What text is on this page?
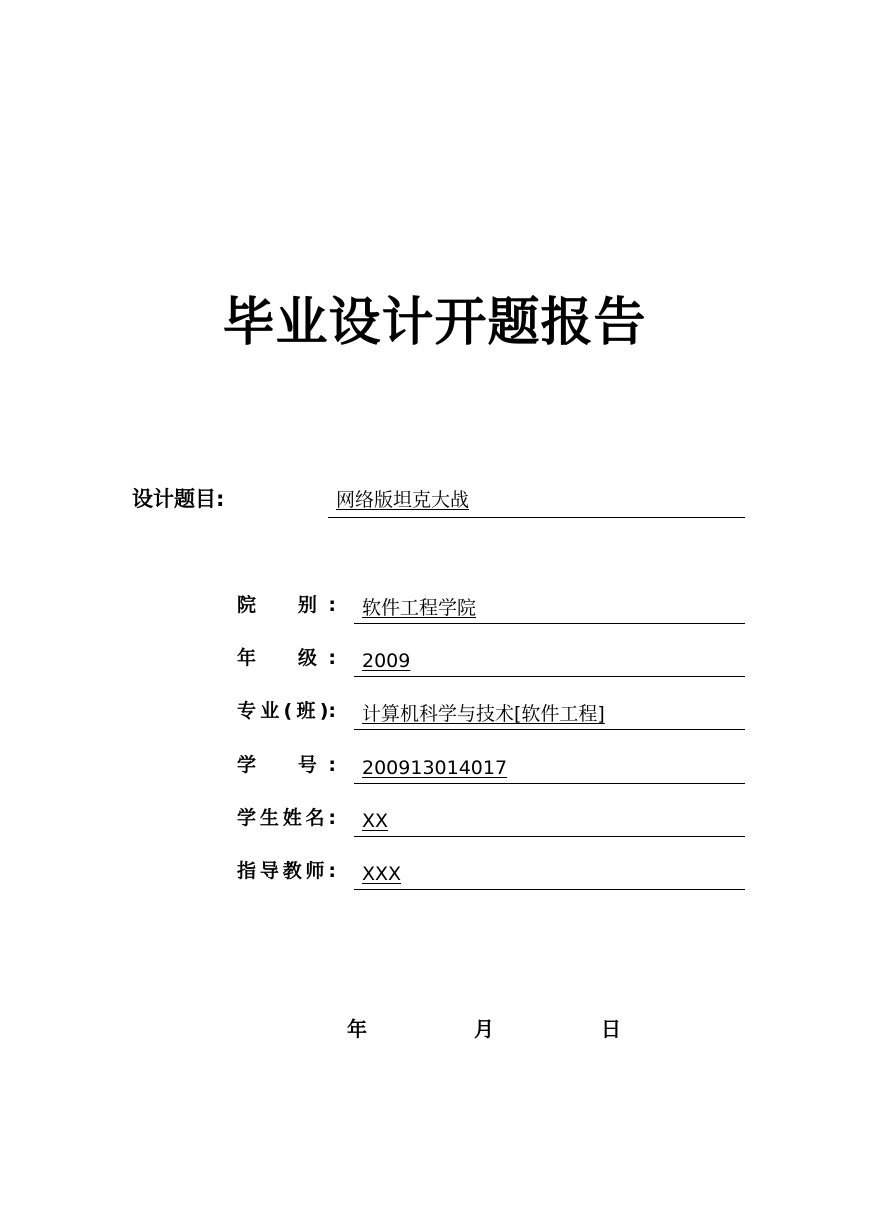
毕业设计开题报告
设计题目:	网络版坦克大战
院　别: 软件工程学院
年　级: 2009
专业(班): 计算机科学与技术[软件工程]
学　号: 200913014017
学生姓名: XX
指导教师: XXX
年	月	日
